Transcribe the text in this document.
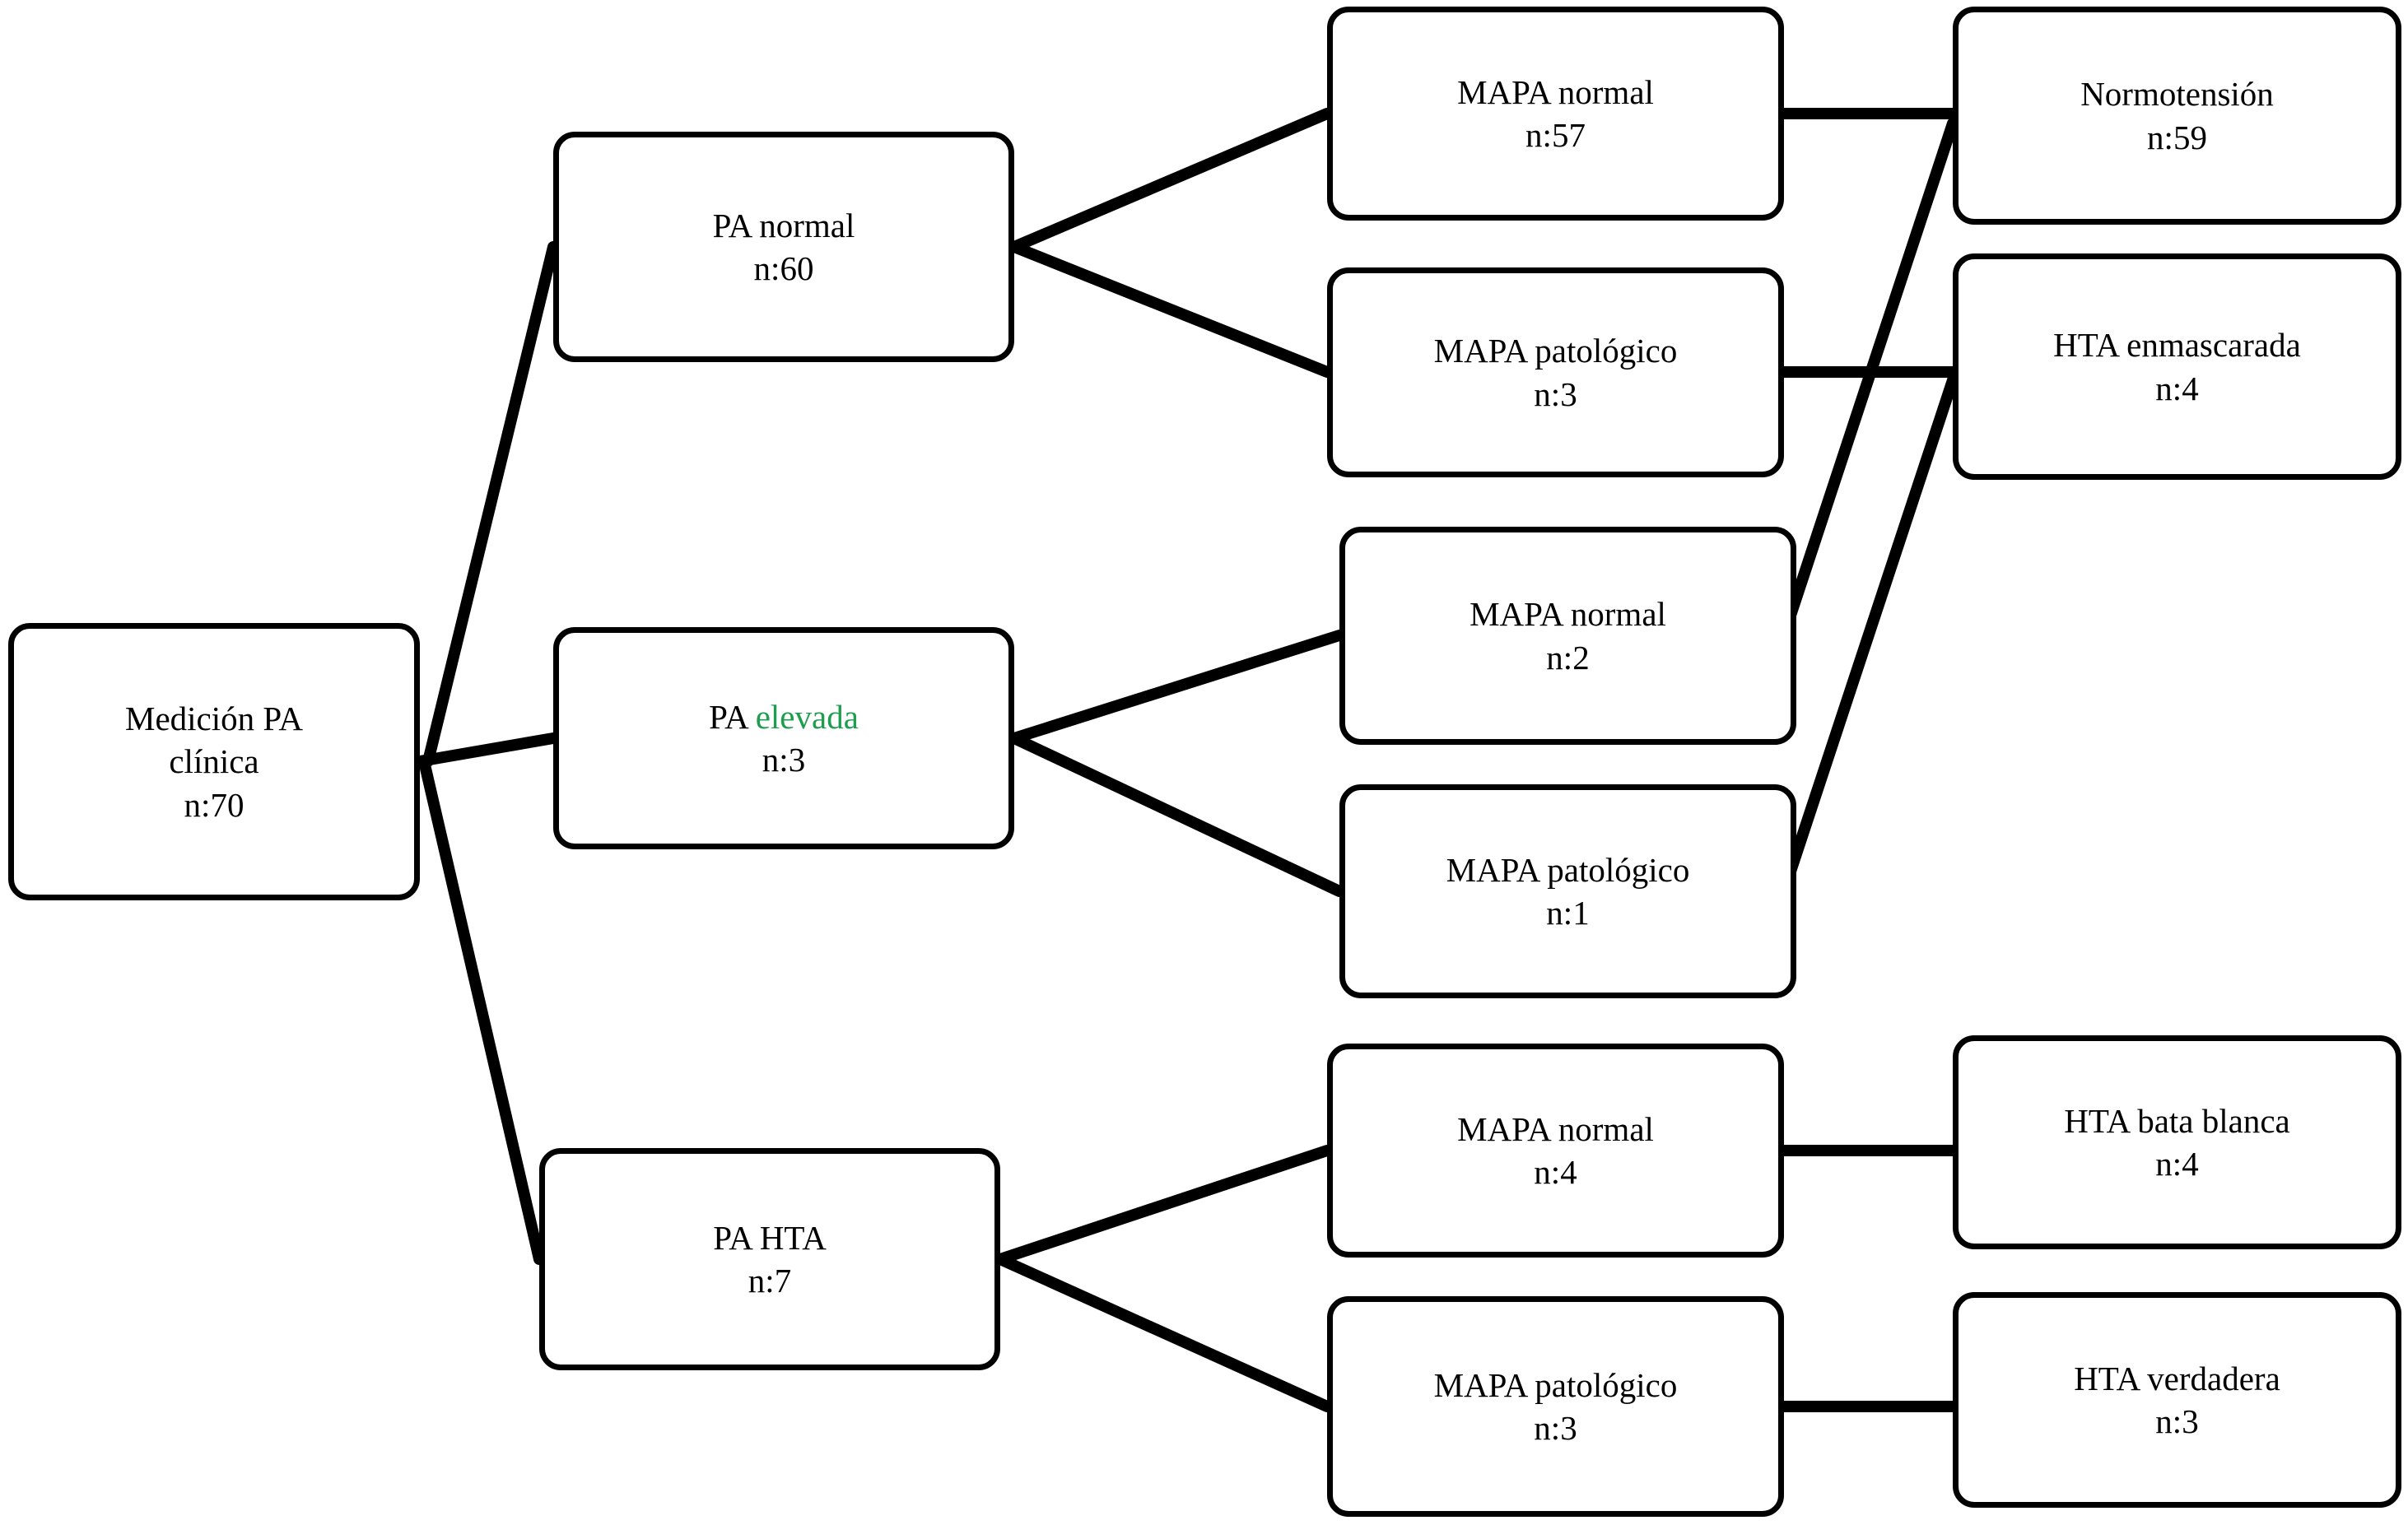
Medición PA
clínica
n:70
PA normal
n:60
PA elevada
n:3
PA HTA
n:7
MAPA normal
n:57
MAPA patológico
n:3
MAPA normal
n:2
MAPA patológico
n:1
MAPA normal
n:4
MAPA patológico
n:3
Normotensión
n:59
HTA enmascarada
n:4
HTA bata blanca
n:4
HTA verdadera
n:3
